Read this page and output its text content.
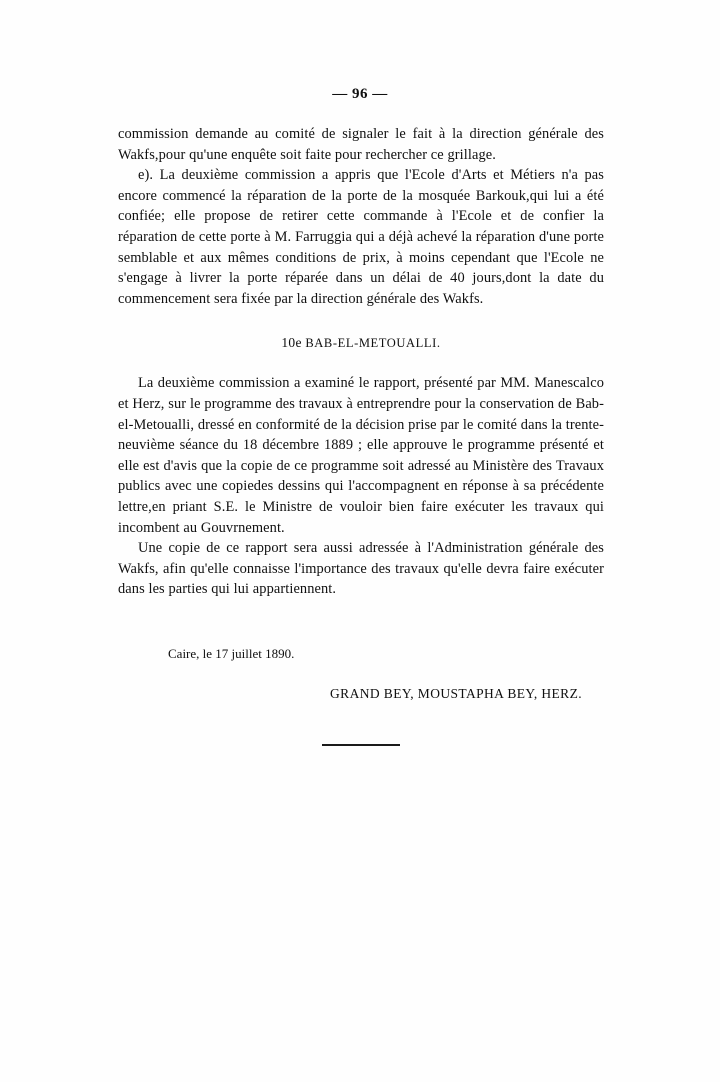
— 96 —

commission demande au comité de signaler le fait à la direction générale des Wakfs,pour qu'une enquête soit faite pour rechercher ce grillage.

e). La deuxième commission a appris que l'Ecole d'Arts et Métiers n'a pas encore commencé la réparation de la porte de la mosquée Barkouk,qui lui a été confiée; elle propose de retirer cette commande à l'Ecole et de confier la réparation de cette porte à M. Farruggia qui a déjà achevé la réparation d'une porte semblable et aux mêmes conditions de prix, à moins cependant que l'Ecole ne s'engage à livrer la porte réparée dans un délai de 40 jours,dont la date du commencement sera fixée par la direction générale des Wakfs.

10e BAB-EL-METOUALLI.

La deuxième commission a examiné le rapport, présenté par MM. Manescalco et Herz, sur le programme des travaux à entreprendre pour la conservation de Bab-el-Metoualli, dressé en conformité de la décision prise par le comité dans la trente-neuvième séance du 18 décembre 1889 ; elle approuve le programme présenté et elle est d'avis que la copie de ce programme soit adressé au Ministère des Travaux publics avec une copiedes dessins qui l'accompagnent en réponse à sa précédente lettre,en priant S.E. le Ministre de vouloir bien faire exécuter les travaux qui incombent au Gouvrnement.

Une copie de ce rapport sera aussi adressée à l'Administration générale des Wakfs, afin qu'elle connaisse l'importance des travaux qu'elle devra faire exécuter dans les parties qui lui appartiennent.

Caire, le 17 juillet 1890.
GRAND BEY, MOUSTAPHA BEY, HERZ.
